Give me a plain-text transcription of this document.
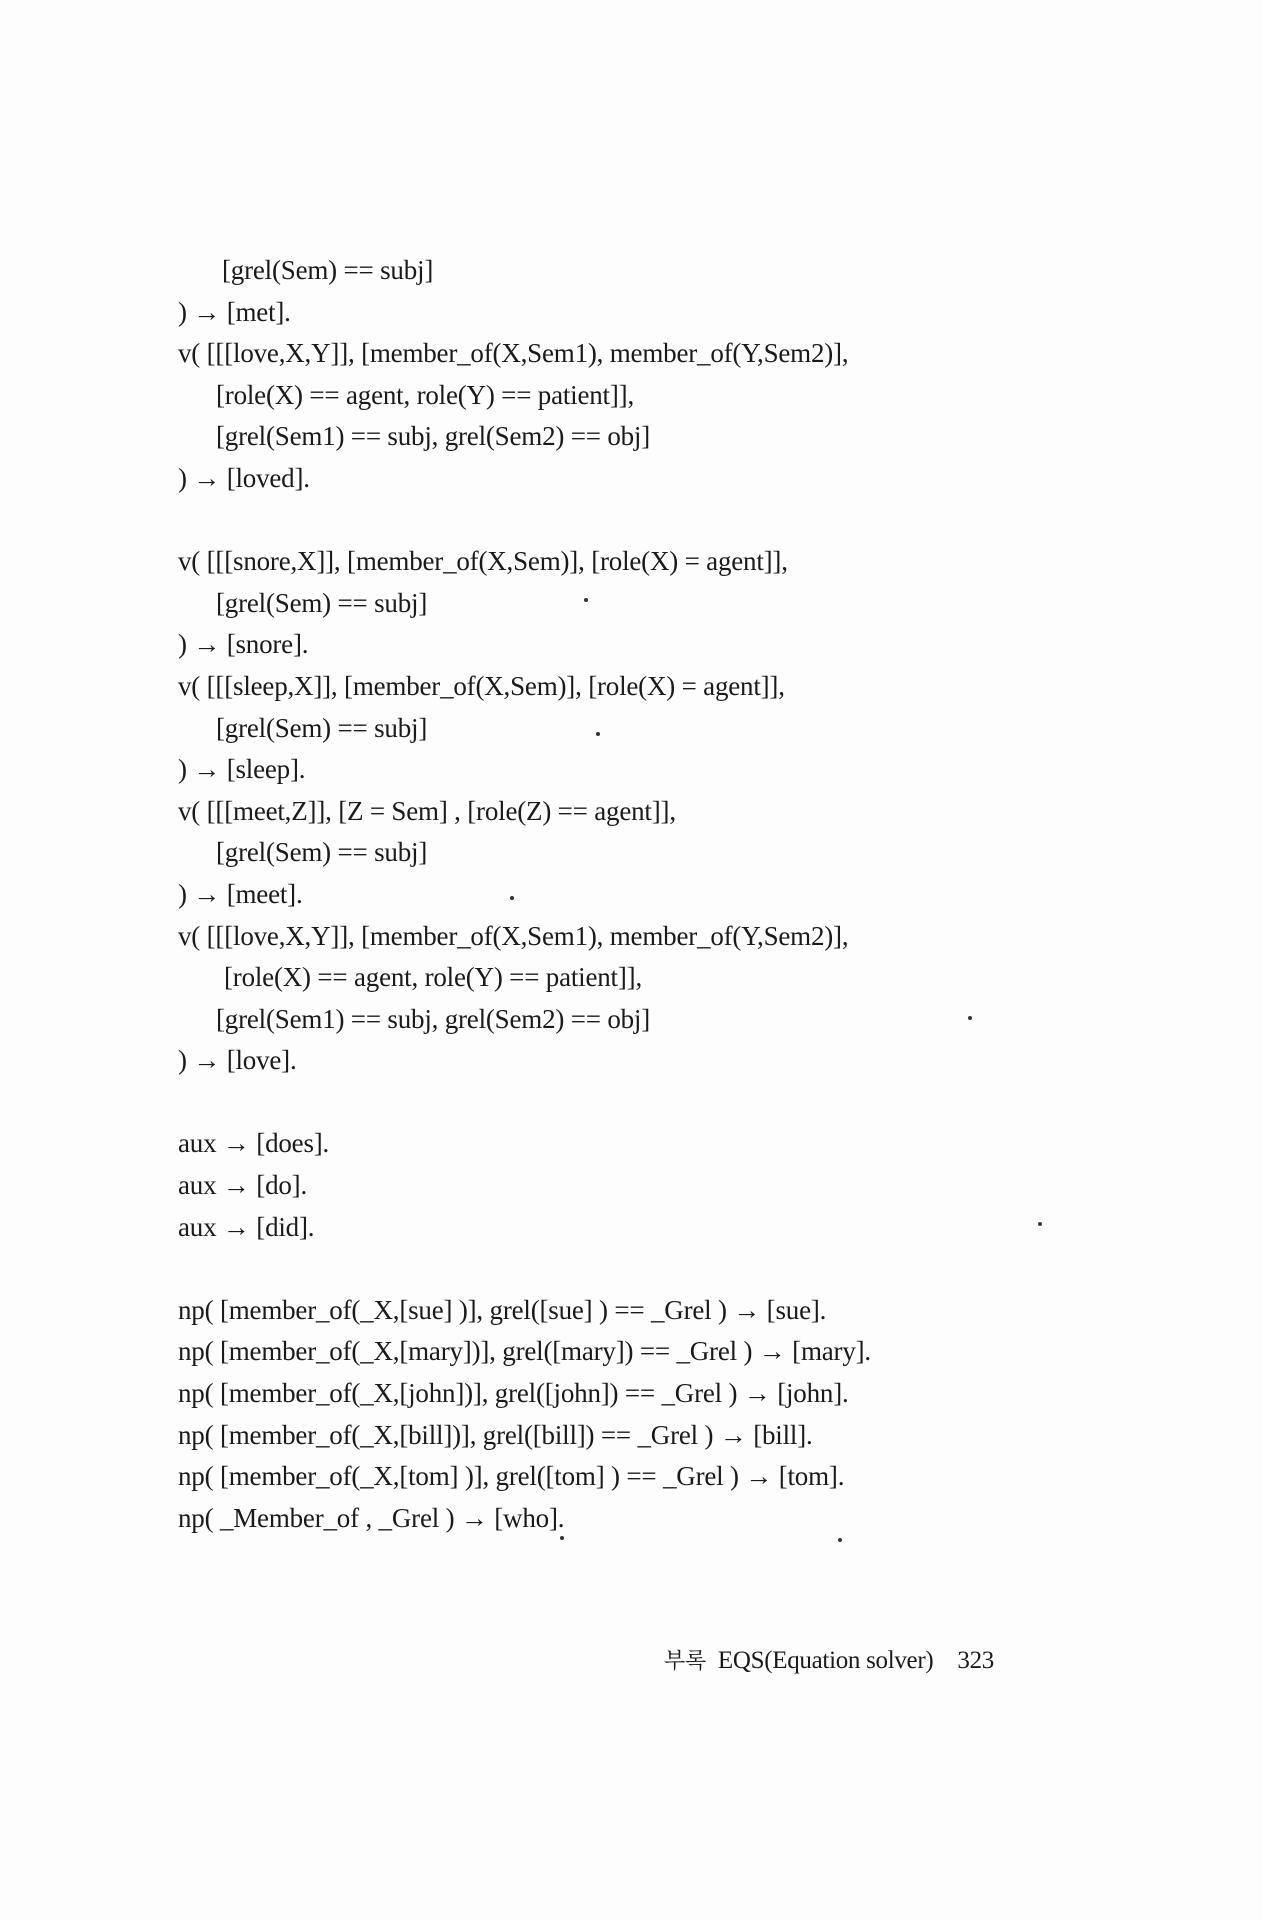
[grel(Sem) == subj]
) → [met].
v( [[[love,X,Y]], [member_of(X,Sem1), member_of(Y,Sem2)],
[role(X) == agent, role(Y) == patient]],
[grel(Sem1) == subj, grel(Sem2) == obj]
) → [loved].
v( [[[snore,X]], [member_of(X,Sem)], [role(X) = agent]],
[grel(Sem) == subj]
) → [snore].
v( [[[sleep,X]], [member_of(X,Sem)], [role(X) = agent]],
[grel(Sem) == subj]
) → [sleep].
v( [[[meet,Z]], [Z = Sem] , [role(Z) == agent]],
[grel(Sem) == subj]
) → [meet].
v( [[[love,X,Y]], [member_of(X,Sem1), member_of(Y,Sem2)],
[role(X) == agent, role(Y) == patient]],
[grel(Sem1) == subj, grel(Sem2) == obj]
) → [love].
aux → [does].
aux → [do].
aux → [did].
np( [member_of(_X,[sue] )], grel([sue] ) == _Grel ) → [sue].
np( [member_of(_X,[mary])], grel([mary]) == _Grel ) → [mary].
np( [member_of(_X,[john])], grel([john]) == _Grel ) → [john].
np( [member_of(_X,[bill])], grel([bill]) == _Grel ) → [bill].
np( [member_of(_X,[tom] )], grel([tom] ) == _Grel ) → [tom].
np( _Member_of , _Grel ) → [who].
부록 EQS(Equation solver) 323
